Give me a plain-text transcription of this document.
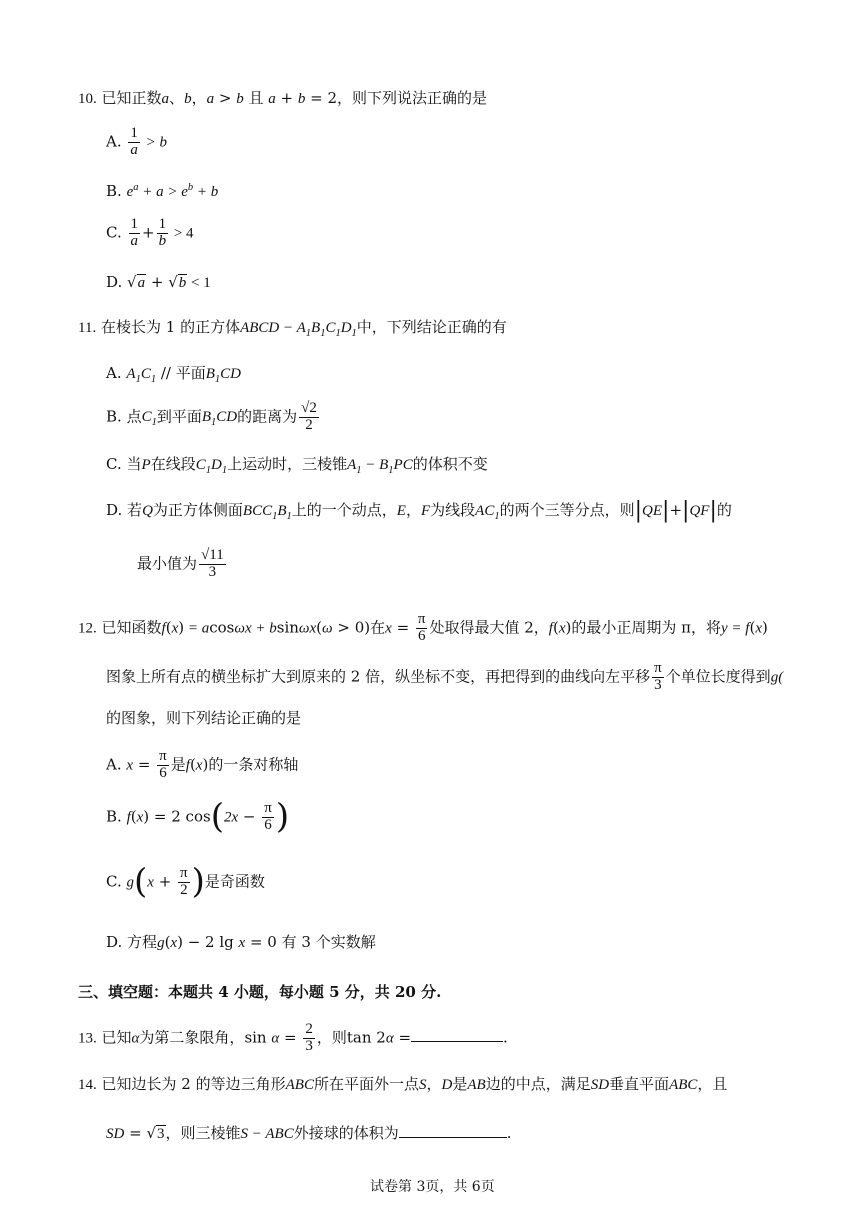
10. 已知正数a、b，a > b 且 a + b = 2，则下列说法正确的是
A. $\frac{1}{a} > b$
B. $e^a + a > e^b + b$
C. $\frac{1}{a} + \frac{1}{b} > 4$
D. √a + √b < 1
11. 在棱长为 1 的正方体ABCD − $A_1B_1C_1D_1$中，下列结论正确的有
A. $A_1C_1$ // 平面$B_1CD$
B. 点$C_1$到平面$B_1CD$的距离为 $\frac{√2}{2}$
C. 当P在线段$C_1D_1$上运动时，三棱锥$A_1 - B_1PC$的体积不变
D. 若Q为正方体侧面$BCC_1B_1$上的一个动点，E，F为线段$AC_1$的两个三等分点，则|QE|+|QF|的
最小值为 $\frac{√11}{3}$
12. 已知函数f(x) = acosωx + bsinωx(ω > 0)在$x = \frac{\pi}{6}$ 处取得最大值 2，f(x)的最小正周期为 π，将y = f(x)
图象上所有点的横坐标扩大到原来的 2 倍，纵坐标不变，再把得到的曲线向左平移 $\frac{\pi}{3}$ 个单位长度得到g(
的图象，则下列结论正确的是
A. $x = \frac{\pi}{6}$ 是f(x)的一条对称轴
B. f(x) = 2 $\cos(2x - \frac{\pi}{6}$ )
C. $g(x + \frac{\pi}{2}$ )是奇函数
D. 方程g(x) − 2 lg x = 0 有 3 个实数解
三、填空题：本题共 4 小题，每小题 5 分，共 20 分.
13. 已知α为第二象限角，$\sin \alpha = \frac{2}{3}$ ，则tan 2α =	.
14. 已知边长为 2 的等边三角形ABC所在平面外一点S，D是AB边的中点，满足SD垂直平面ABC，且
SD = √3，则三棱锥S − ABC外接球的体积为	.
试卷第 3页，共 6页
